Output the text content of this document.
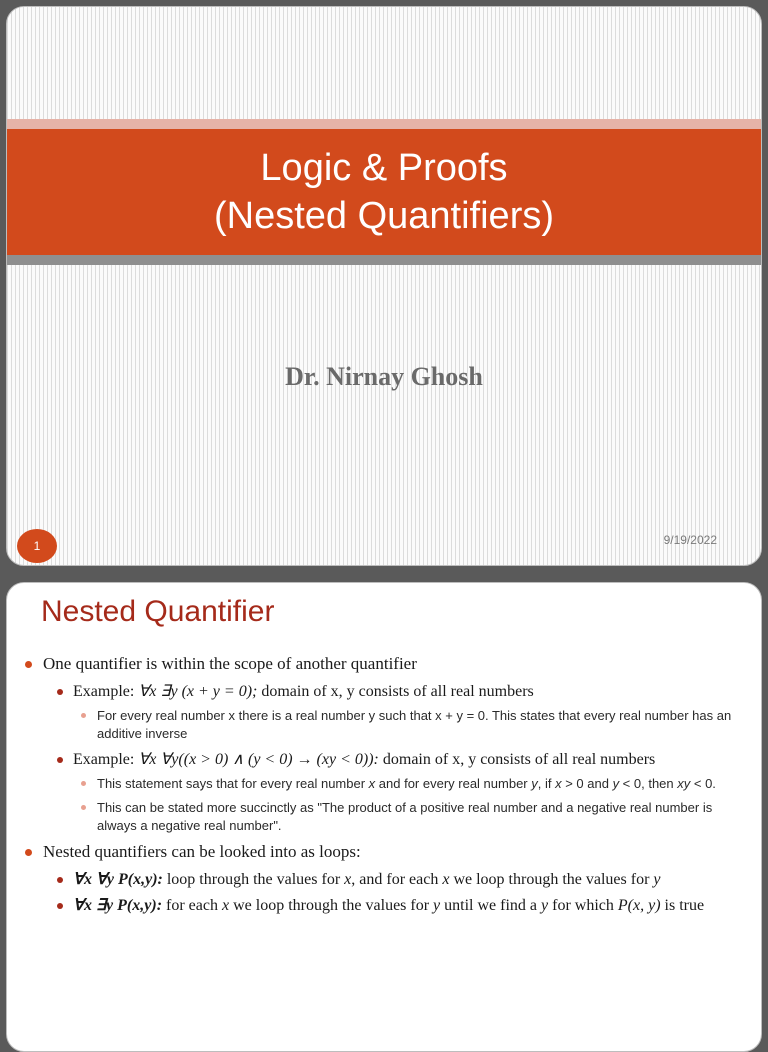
Logic & Proofs
(Nested Quantifiers)
Dr. Nirnay Ghosh
1	9/19/2022
Nested Quantifier
One quantifier is within the scope of another quantifier
Example: ∀x ∃y (x + y = 0); domain of x, y consists of all real numbers
For every real number x there is a real number y such that x + y = 0. This states that every real number has an additive inverse
Example: ∀x ∀y((x > 0) ∧ (y < 0) → (xy < 0)): domain of x, y consists of all real numbers
This statement says that for every real number x and for every real number y, if x > 0 and y < 0, then xy < 0.
This can be stated more succinctly as "The product of a positive real number and a negative real number is always a negative real number".
Nested quantifiers can be looked into as loops:
∀x ∀y P(x,y): loop through the values for x, and for each x we loop through the values for y
∀x ∃y P(x,y): for each x we loop through the values for y until we find a y for which P(x, y) is true
